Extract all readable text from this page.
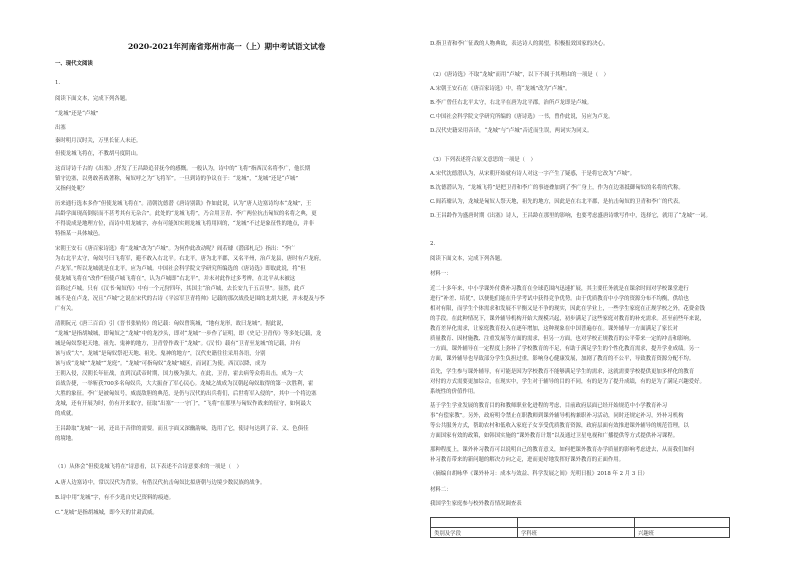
2020-2021年河南省郑州市高一（上）期中考试语文试卷
一、现代文阅读
1.
阅读下面文本，完成下列各题。
“龙城”还是“卢城”
出塞
秦时明月汉时关，万里长征人未还。
但使龙城飞将在，不教胡马度阴山。
这首诗诗千古的《出塞》,抒发了王昌龄追昔抚今的感慨。一般认为，诗中的“飞将”指西汉名将李广，他长期
镇守边塞，以勇敢善战著称，匈奴呼之为“飞将军”。一旦到诗的争议在于：“龙城”，“龙城”还是“卢城”
又指何处呢？
历来通行选本多作“但使龙城飞将在”。清朝沈德潜《唐诗别裁》作如此说，认为“唐人边塞诗均本“龙城”，王
昌龄学面现高倒原而不甚考其有无杂合”。此处的“龙城飞将”，乃合用卫青、李广两位抗击匈奴的名将之典，更
不得说成是地理方位，而诗中用龙城字，亦有可能知实则龙城飞将用回的，“龙城”不过是象征性的地点，并非
特指某一具体城邑。
宋朝王安石《唐百家诗选》将“龙城”改为“卢城”。为何作此改动呢？阎若璩《潜邱札记》指出：“李广
为右北平太守，匈奴号曰飞将军，避不敢入右北平。右北平，唐为北平郡，又名平州，治卢龙县，唐时有卢龙府，
卢龙军。”所以龙城就是在北平，应为卢城。中国社会科学院文学研究所编选的《唐诗选》即取此说，将“但
使龙城飞将在”改作“但使卢城飞将在”，认为卢城即“右北平”，并未对此作过多考辨，在北平从未被这
首称过卢城。只有《汉书·匈奴传》中有一个元狩四年，其国主“治卢城，去长安九千五百里”。显然，此卢
城不是在卢龙，况且“卢城”之说在宋代的古诗《平凉军卫青将帅》记载的那次战役是围的北胡大捷，并未提及与李
广有关。
清朝阮元《唐三百首》引《晋书张轨传》的记载：匈奴曾筑城，“地有龙形，故曰龙城”。据此说，
“龙城”是指胡城城，即匈奴之“龙城”中的龙沙头，即对“龙城”一步作了证明，即《史记·卫青传》等多处记载，龙
城是匈奴祭祀天地，祖先、鬼神的地方，卫青曾作战于“龙城”。《汉书》载有“卫青至龙城”的记载，并有
该与成“大”，龙城“是匈奴祭祀天地、祖先、鬼神的地方”，汉代史籍往往采用各语，分别
该与成“龙城”“龙城”“龙庭”。“龙城”可指匈奴“龙城”城区，而词汇为使。西汉以降，成为
王朝入侵，汉朝长年征战，直到汉武帝时期，国力极为强大，在此，卫青，霍去病等众将出击，成为一大
首战告捷，一举斩获700多名匈奴兵，大大振奋了军心民心。龙城之战成为汉朝起匈奴取得的第一次胜利，霍
大胜的象征。李广是被匈奴号，威震敌胆的典范，是仍与汉代的出兵将们，后世将军入侵的”，其中一个将边塞
龙城，还有开展为时，仿有开来取守，征取“出塞”一一守门”，“飞将”在那里与匈奴作战来的征守，如何最大
的成就。
王昌龄取“龙城”一词，还出于音律的需要。而且字面又深幽韵味，选用了它，使诗句达到了音、义、色俱佳
的境地。
（1）从体会“但使龙城飞将在”诗意看，以下表述不合诗意要求的一项是（　）
A.唐人边塞诗中，常以汉代为背景，有借汉代抗击匈奴比拟唐朝与边境少数民族的战争。
B.诗中用“龙城”字，有不少选自史记资料的痕迹。
C.“龙城”是指胡城城，即今天的甘肃武威。
D.指卫青和李广征战的人物典故，表达诗人的渴望，积极报效国家的决心。
（2）《唐诗选》不取“龙城”而用“卢城”，以下不属于其理由的一项是（　）
A.宋朝王安石在《唐百家诗选》中，将“龙城”改为“卢城”。
B.李广曾任右北平太守，右北平在唐为北平郡，治所卢龙即是卢城。
C.中国社会科学院文学研究所编的《唐诗选》一书，曾作此说，另应为卢龙。
D.汉代史籍采用音译，“龙城”与“卢城”音近而生误，两词实为同义。
（3）下列表述符合原文意思的一项是（　）
A.宋代沈德潜认为，从宋朝开始就有诗人对这一字产生了疑惑，于是将它改为“卢城”。
B.沈德潜认为，“龙城飞将”是把卫青和李广的事迹叠加到了李广身上，作为在边塞抵御匈奴的名将的代称。
C.阎若璩认为，龙城是匈奴人祭天地，祖先的地方，因此是在右北平郡，是抗击匈奴的卫青和李广的代表。
D.王昌龄作为盛唐时期《出塞》诗人，王昌龄在那里的影响，也要考虑盛唐诗歌写作中，选择它，就用了“龙城”一词。
2.
阅读下面文本，完成下列各题。
材料一：
近二十多年来，中小学课外付费补习教育在全球范围内迅速扩展，其主要任务就是在课余时间对学校课堂进行
进行“补差、培优”，以便他们能在升学考试中获得竞争优势。由于优质教育中小学的资源分布不均衡，供给也
相对有限，而学生个体需求和发展不平衡又是不争的现实，因此在学业上，一些学生家庭在正规学校之外，花费金钱
的手段。在此种情况下，课外辅导机构开始大规模兴起，初步满足了这些家庭对教育的补充需求。甚至前些年来说，
教育差异化需求，让家庭教育投入在逐年增加，这种现象在中国普遍存在。课外辅导一方面满足了家长对
质量教育、因材施教、注重发展等方面的需求，但另一方面，也对学校正规教育的公平带来一定的冲击和影响。
一方面，课外辅导在一定程度上弥补了学校教育的不足，有助于满足学生的个性化教育需求，提升学业成绩。另一
方面，课外辅导也导致部分学生负担过重，影响身心健康发展，加剧了教育的不公平，导致教育资源分配不均。
首先，学生参与课外辅导，有可能是因为学校教育不能够满足学生的需求，这就需要学校提供更加多样化的教育
对付的方式需要更加综合，在现实中，学生对于辅导的目的不同，有的是为了提升成绩，有的是为了满足兴趣爱好。
系统性的价值作用。
基于学生学业发展的教育目的和教师职业化进程的考虑，目前政府层面已经开始规范中小学教育补习
事“有偿家教”。另外，政府明令禁止在职教师到课外辅导机构兼职补习活动，同时还规定补习，外补习机构
等公共服务方式，帮助农村和低收入家庭子女享受优质教育资源，政府层面有效推进课外辅导的规范管理，以
方面国家有效的政策，如韩国实施的“课外教育计划”以及通过卫星电视和广播提供等方式提供补习课程。
那种程度上，课外补习教育可以说明自己的教育意义，如何把课外教育办学质量的影响考虑进去，从而我们如何
补习教育带来的新问题的解决方向之走，进而更好地发挥好课外教育的正面作用。
（摘编自胡咏华《课外补习：成本与效益、科学发展之间》光明日报》2018 年 2 月 3 日）
材料二：
我国学生家庭参与校外教育情况调查表

类别及学段	学科班	兴趣班
